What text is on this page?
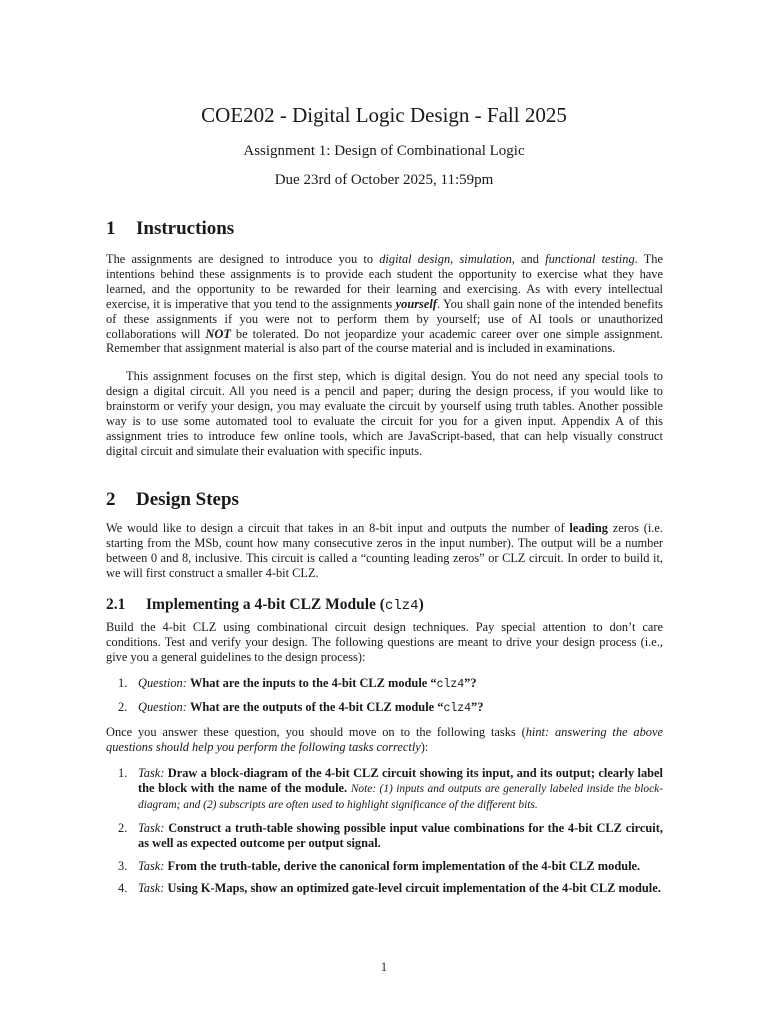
COE202 - Digital Logic Design - Fall 2025
Assignment 1: Design of Combinational Logic
Due 23rd of October 2025, 11:59pm
1 Instructions

The assignments are designed to introduce you to digital design, simulation, and functional testing. The intentions behind these assignments is to provide each student the opportunity to exercise what they have learned, and the opportunity to be rewarded for their learning and exercising. As with every intellectual exercise, it is imperative that you tend to the assignments yourself. You shall gain none of the intended benefits of these assignments if you were not to perform them by yourself; use of AI tools or unauthorized collaborations will NOT be tolerated. Do not jeopardize your academic career over one simple assignment. Remember that assignment material is also part of the course material and is included in examinations.

This assignment focuses on the first step, which is digital design. You do not need any special tools to design a digital circuit. All you need is a pencil and paper; during the design process, if you would like to brainstorm or verify your design, you may evaluate the circuit by yourself using truth tables. Another possible way is to use some automated tool to evaluate the circuit for you for a given input. Appendix A of this assignment tries to introduce few online tools, which are JavaScript-based, that can help visually construct digital circuit and simulate their evaluation with specific inputs.

2 Design Steps

We would like to design a circuit that takes in an 8-bit input and outputs the number of leading zeros (i.e. starting from the MSb, count how many consecutive zeros in the input number). The output will be a number between 0 and 8, inclusive. This circuit is called a “counting leading zeros” or CLZ circuit. In order to build it, we will first construct a smaller 4-bit CLZ.

2.1 Implementing a 4-bit CLZ Module (clz4)

Build the 4-bit CLZ using combinational circuit design techniques. Pay special attention to don’t care conditions. Test and verify your design. The following questions are meant to drive your design process (i.e., give you a general guidelines to the design process):

1. Question: What are the inputs to the 4-bit CLZ module “clz4”?
2. Question: What are the outputs of the 4-bit CLZ module “clz4”?

Once you answer these question, you should move on to the following tasks (hint: answering the above questions should help you perform the following tasks correctly):

1. Task: Draw a block-diagram of the 4-bit CLZ circuit showing its input, and its output; clearly label the block with the name of the module. Note: (1) inputs and outputs are generally labeled inside the block-diagram; and (2) subscripts are often used to highlight significance of the different bits.
2. Task: Construct a truth-table showing possible input value combinations for the 4-bit CLZ circuit, as well as expected outcome per output signal.
3. Task: From the truth-table, derive the canonical form implementation of the 4-bit CLZ module.
4. Task: Using K-Maps, show an optimized gate-level circuit implementation of the 4-bit CLZ module.
1
